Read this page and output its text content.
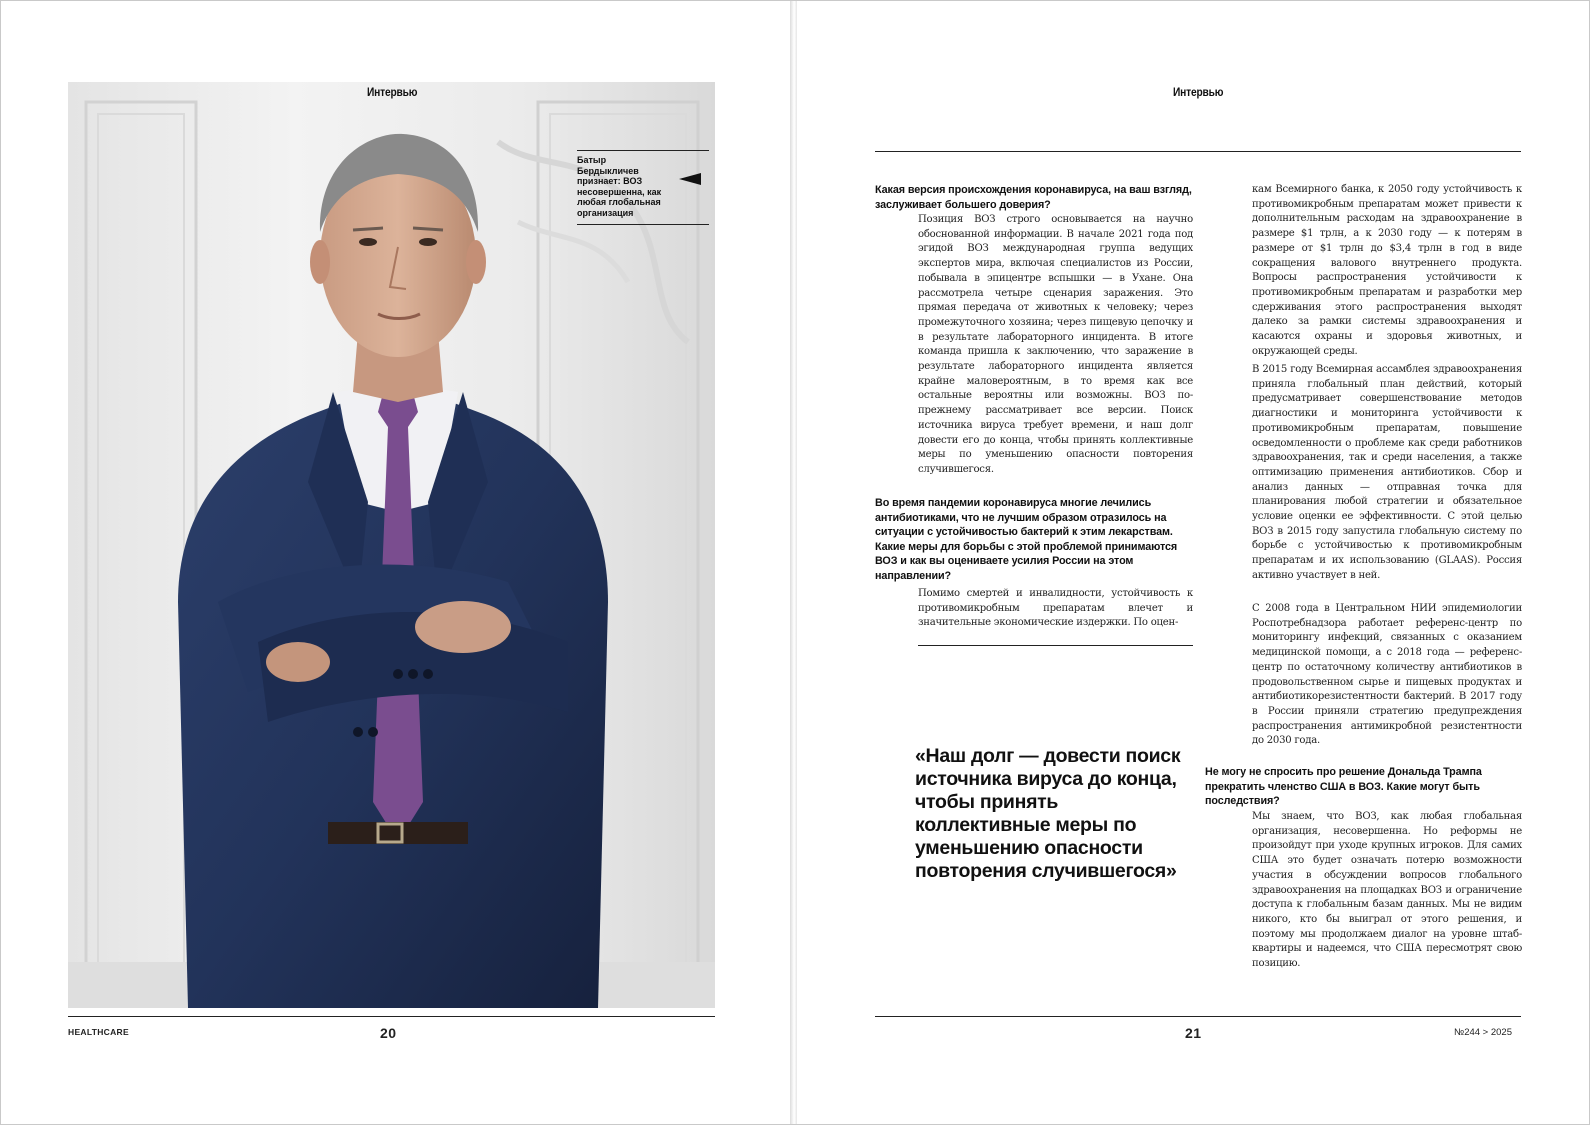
Интервью
Батыр Бердыкличев признает: ВОЗ несовершенна, как любая глобальная организация
HEALTHCARE	20
Интервью
Какая версия происхождения коронавируса, на ваш взгляд, заслуживает большего доверия?
Позиция ВОЗ строго основывается на научно обоснованной информации. В начале 2021 года под эгидой ВОЗ международная группа ведущих экспертов мира, включая специалистов из России, побывала в эпицентре вспышки — в Ухане. Она рассмотрела четыре сценария заражения. Это прямая передача от животных к человеку; через промежуточного хозяина; через пищевую цепочку и в результате лабораторного инцидента. В итоге команда пришла к заключению, что заражение в результате лабораторного инцидента является крайне маловероятным, в то время как все остальные вероятны или возможны. ВОЗ по-прежнему рассматривает все версии. Поиск источника вируса требует времени, и наш долг довести его до конца, чтобы принять коллективные меры по уменьшению опасности повторения случившегося.
Во время пандемии коронавируса многие лечились антибиотиками, что не лучшим образом отразилось на ситуации с устойчивостью бактерий к этим лекарствам. Какие меры для борьбы с этой проблемой принимаются ВОЗ и как вы оцениваете усилия России на этом направлении?
Помимо смертей и инвалидности, устойчивость к противомикробным препаратам влечет и значительные экономические издержки. По оцен-
«Наш долг — довести поиск источника вируса до конца, чтобы принять коллективные меры по уменьшению опасности повторения случившегося»
кам Всемирного банка, к 2050 году устойчивость к противомикробным препаратам может привести к дополнительным расходам на здравоохранение в размере $1 трлн, а к 2030 году — к потерям в размере от $1 трлн до $3,4 трлн в год в виде сокращения валового внутреннего продукта. Вопросы распространения устойчивости к противомикробным препаратам и разработки мер сдерживания этого распространения выходят далеко за рамки системы здравоохранения и касаются охраны и здоровья животных, и окружающей среды.
В 2015 году Всемирная ассамблея здравоохранения приняла глобальный план действий, который предусматривает совершенствование методов диагностики и мониторинга устойчивости к противомикробным препаратам, повышение осведомленности о проблеме как среди работников здравоохранения, так и среди населения, а также оптимизацию применения антибиотиков. Сбор и анализ данных — отправная точка для планирования любой стратегии и обязательное условие оценки ее эффективности. С этой целью ВОЗ в 2015 году запустила глобальную систему по борьбе с устойчивостью к противомикробным препаратам и их использованию (GLAAS). Россия активно участвует в ней.
С 2008 года в Центральном НИИ эпидемиологии Роспотребнадзора работает референс-центр по мониторингу инфекций, связанных с оказанием медицинской помощи, а с 2018 года — референс-центр по остаточному количеству антибиотиков в продовольственном сырье и пищевых продуктах и антибиотикорезистентности бактерий. В 2017 году в России приняли стратегию предупреждения распространения антимикробной резистентности до 2030 года.
Не могу не спросить про решение Дональда Трампа прекратить членство США в ВОЗ. Какие могут быть последствия?
Мы знаем, что ВОЗ, как любая глобальная организация, несовершенна. Но реформы не произойдут при уходе крупных игроков. Для самих США это будет означать потерю возможности участия в обсуждении вопросов глобального здравоохранения на площадках ВОЗ и ограничение доступа к глобальным базам данных. Мы не видим никого, кто бы выиграл от этого решения, и поэтому мы продолжаем диалог на уровне штаб-квартиры и надеемся, что США пересмотрят свою позицию.
21	№244 > 2025
